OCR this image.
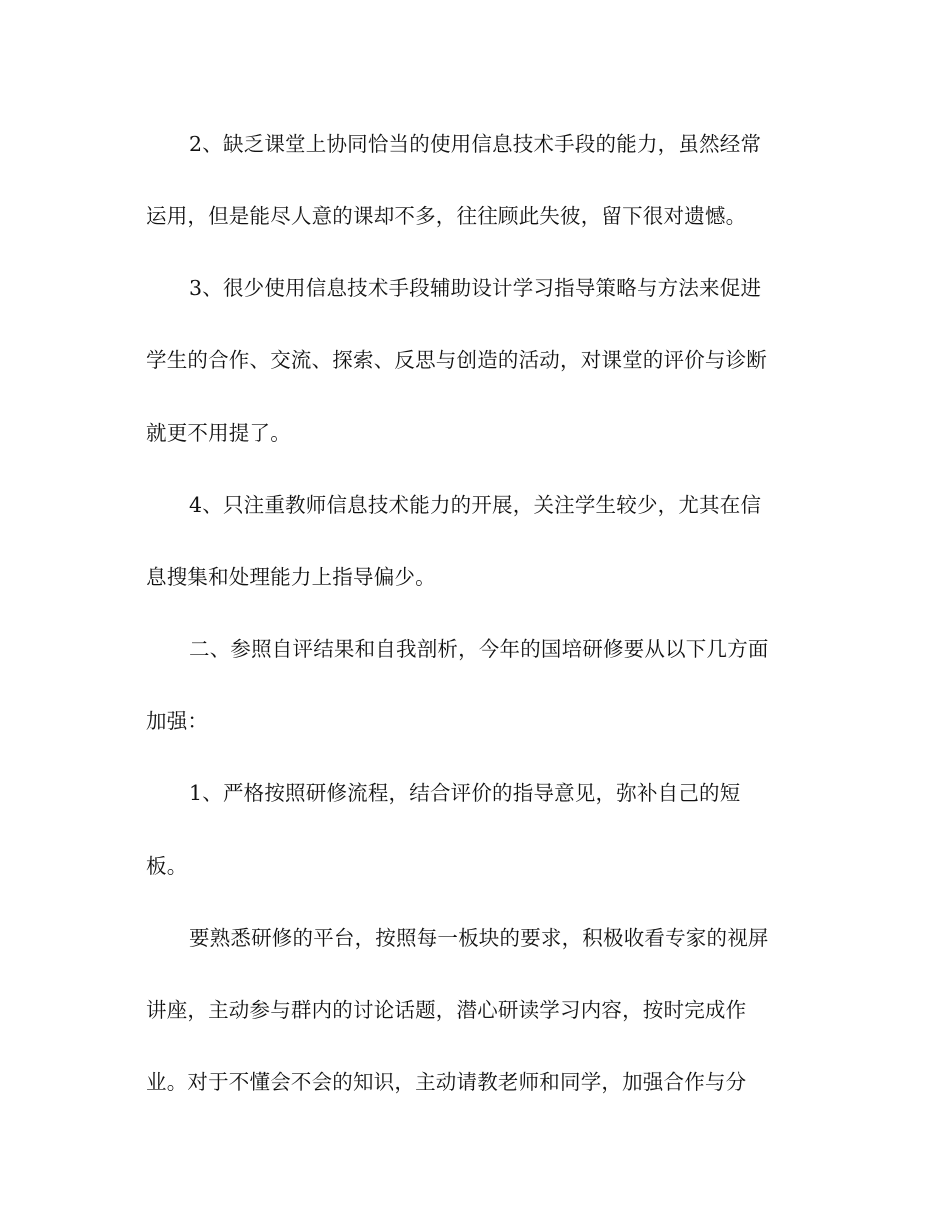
2、缺乏课堂上协同恰当的使用信息技术手段的能力，虽然经常
运用，但是能尽人意的课却不多，往往顾此失彼，留下很对遗憾。
3、很少使用信息技术手段辅助设计学习指导策略与方法来促进
学生的合作、交流、探索、反思与创造的活动，对课堂的评价与诊断
就更不用提了。
4、只注重教师信息技术能力的开展，关注学生较少，尤其在信
息搜集和处理能力上指导偏少。
二、参照自评结果和自我剖析，今年的国培研修要从以下几方面
加强：
1、严格按照研修流程，结合评价的指导意见，弥补自己的短
板。
要熟悉研修的平台，按照每一板块的要求，积极收看专家的视屏
讲座，主动参与群内的讨论话题，潜心研读学习内容，按时完成作
业。对于不懂会不会的知识，主动请教老师和同学，加强合作与分
